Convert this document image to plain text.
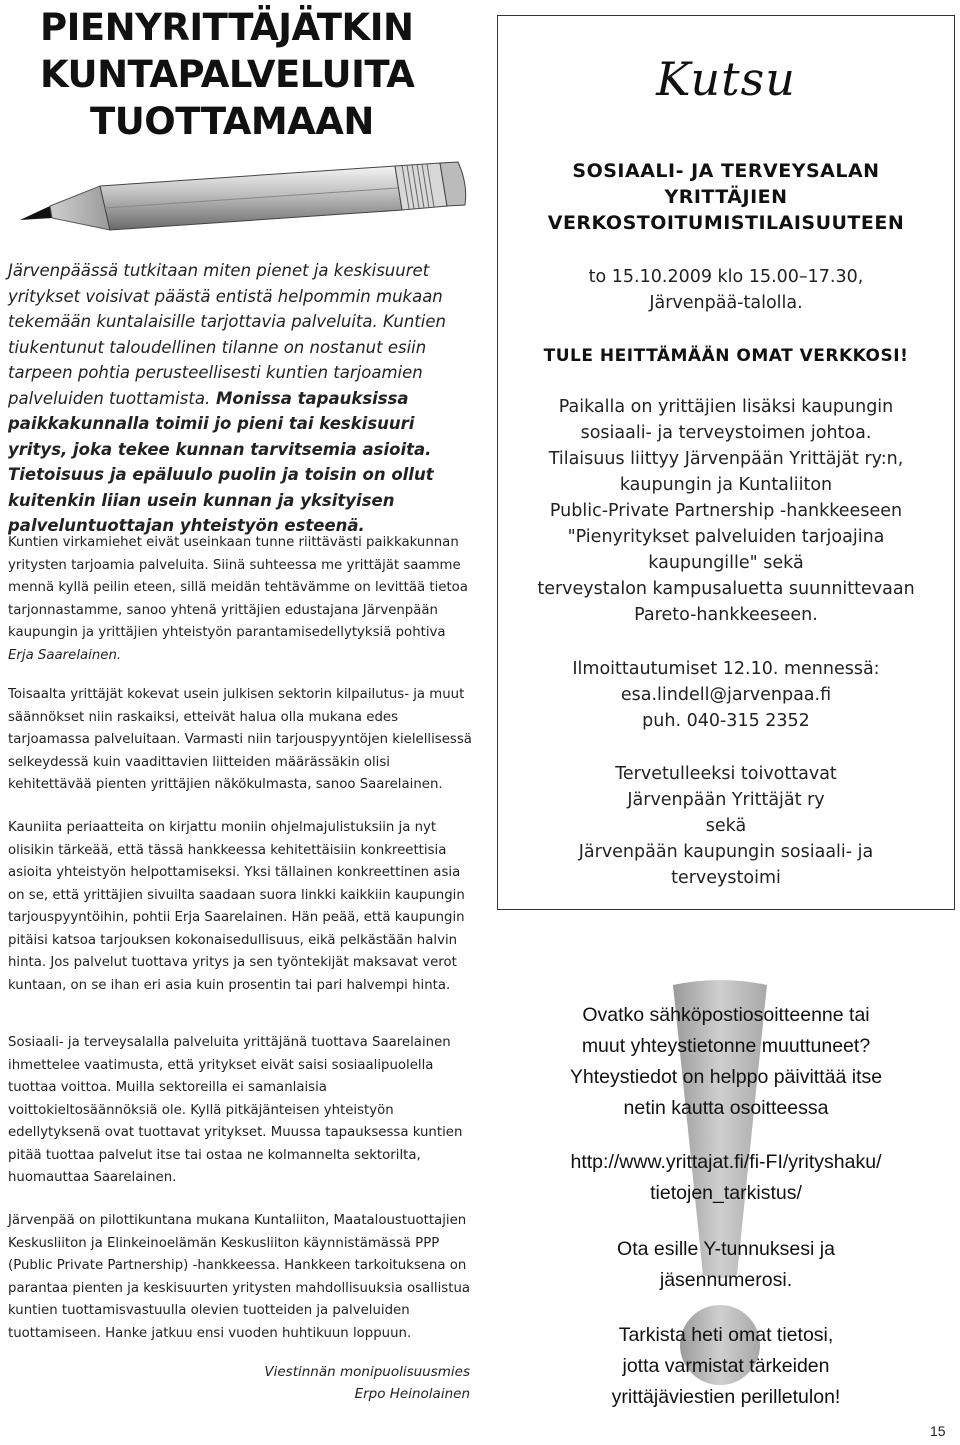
PIENYRITTÄJÄTKIN
KUNTAPALVELUITA
TUOTTAMAAN
Järvenpäässä tutkitaan miten pienet ja keskisuuret yritykset voisivat päästä entistä helpommin mukaan tekemään kuntalaisille tarjottavia palveluita. Kuntien tiukentunut taloudellinen tilanne on nostanut esiin tarpeen pohtia perusteellisesti kuntien tarjoamien palveluiden tuottamista. Monissa tapauksissa paikkakunnalla toimii jo pieni tai keskisuuri yritys, joka tekee kunnan tarvitsemia asioita. Tietoisuus ja epäluulo puolin ja toisin on ollut kuitenkin liian usein kunnan ja yksityisen palveluntuottajan yhteistyön esteenä.

Kuntien virkamiehet eivät useinkaan tunne riittävästi paikkakunnan yritysten tarjoamia palveluita. Siinä suhteessa me yrittäjät saamme mennä kyllä peilin eteen, sillä meidän tehtävämme on levittää tietoa tarjonnastamme, sanoo yhtenä yrittäjien edustajana Järvenpään kaupungin ja yrittäjien yhteistyön parantamisedellytyksiä pohtiva Erja Saarelainen.

Toisaalta yrittäjät kokevat usein julkisen sektorin kilpailutus- ja muut säännökset niin raskaiksi, etteivät halua olla mukana edes tarjoamassa palveluitaan. Varmasti niin tarjouspyyntöjen kielellisessä selkeydessä kuin vaadittavien liitteiden määrässäkin olisi kehitettävää pienten yrittäjien näkökulmasta, sanoo Saarelainen.

Kauniita periaatteita on kirjattu moniin ohjelmajulistuksiin ja nyt olisikin tärkeää, että tässä hankkeessa kehitettäisiin konkreettisia asioita yhteistyön helpottamiseksi. Yksi tällainen konkreettinen asia on se, että yrittäjien sivuilta saadaan suora linkki kaikkiin kaupungin tarjouspyyntöihin, pohtii Erja Saarelainen. Hän peää, että kaupungin pitäisi katsoa tarjouksen kokonaisedullisuus, eikä pelkästään halvin hinta. Jos palvelut tuottava yritys ja sen työntekijät maksavat verot kuntaan, on se ihan eri asia kuin prosentin tai pari halvempi hinta.

Sosiaali- ja terveysalalla palveluita yrittäjänä tuottava Saarelainen ihmettelee vaatimusta, että yritykset eivät saisi sosiaalipuolella tuottaa voittoa. Muilla sektoreilla ei samanlaisia voittokieltosäännöksiä ole. Kyllä pitkäjänteisen yhteistyön edellytyksenä ovat tuottavat yritykset. Muussa tapauksessa kuntien pitää tuottaa palvelut itse tai ostaa ne kolmannelta sektorilta, huomauttaa Saarelainen.

Järvenpää on pilottikuntana mukana Kuntaliiton, Maataloustuottajien Keskusliiton ja Elinkeinoelämän Keskusliiton käynnistämässä PPP (Public Private Partnership) -hankkeessa. Hankkeen tarkoituksena on parantaa pienten ja keskisuurten yritysten mahdollisuuksia osallistua kuntien tuottamisvastuulla olevien tuotteiden ja palveluiden tuottamiseen. Hanke jatkuu ensi vuoden huhtikuun loppuun.

Viestinnän monipuolisuusmies
Erpo Heinolainen
Kutsu
SOSIAALI- JA TERVEYSALAN
YRITTÄJIEN
VERKOSTOITUMISTILAISUUTEEN
to 15.10.2009 klo 15.00–17.30,
Järvenpää-talolla.
TULE HEITTÄMÄÄN OMAT VERKKOSI!
Paikalla on yrittäjien lisäksi kaupungin
sosiaali- ja terveystoimen johtoa.
Tilaisuus liittyy Järvenpään Yrittäjät ry:n,
kaupungin ja Kuntaliiton
Public-Private Partnership -hankkeeseen
"Pienyritykset palveluiden tarjoajina
kaupungille" sekä
terveystalon kampusaluetta suunnittevaan
Pareto-hankkeeseen.
Ilmoittautumiset 12.10. mennessä:
esa.lindell@jarvenpaa.fi
puh. 040-315 2352
Tervetulleeksi toivottavat
Järvenpään Yrittäjät ry
sekä
Järvenpään kaupungin sosiaali- ja
terveystoimi
Ovatko sähköpostiosoitteenne tai
muut yhteystietonne muuttuneet?
Yhteystiedot on helppo päivittää itse
netin kautta osoitteessa
http://www.yrittajat.fi/fi-FI/yrityshaku/
tietojen_tarkistus/
Ota esille Y-tunnuksesi ja
jäsennumerosi.
Tarkista heti omat tietosi,
jotta varmistat tärkeiden
yrittäjäviestien perilletulon!
15
